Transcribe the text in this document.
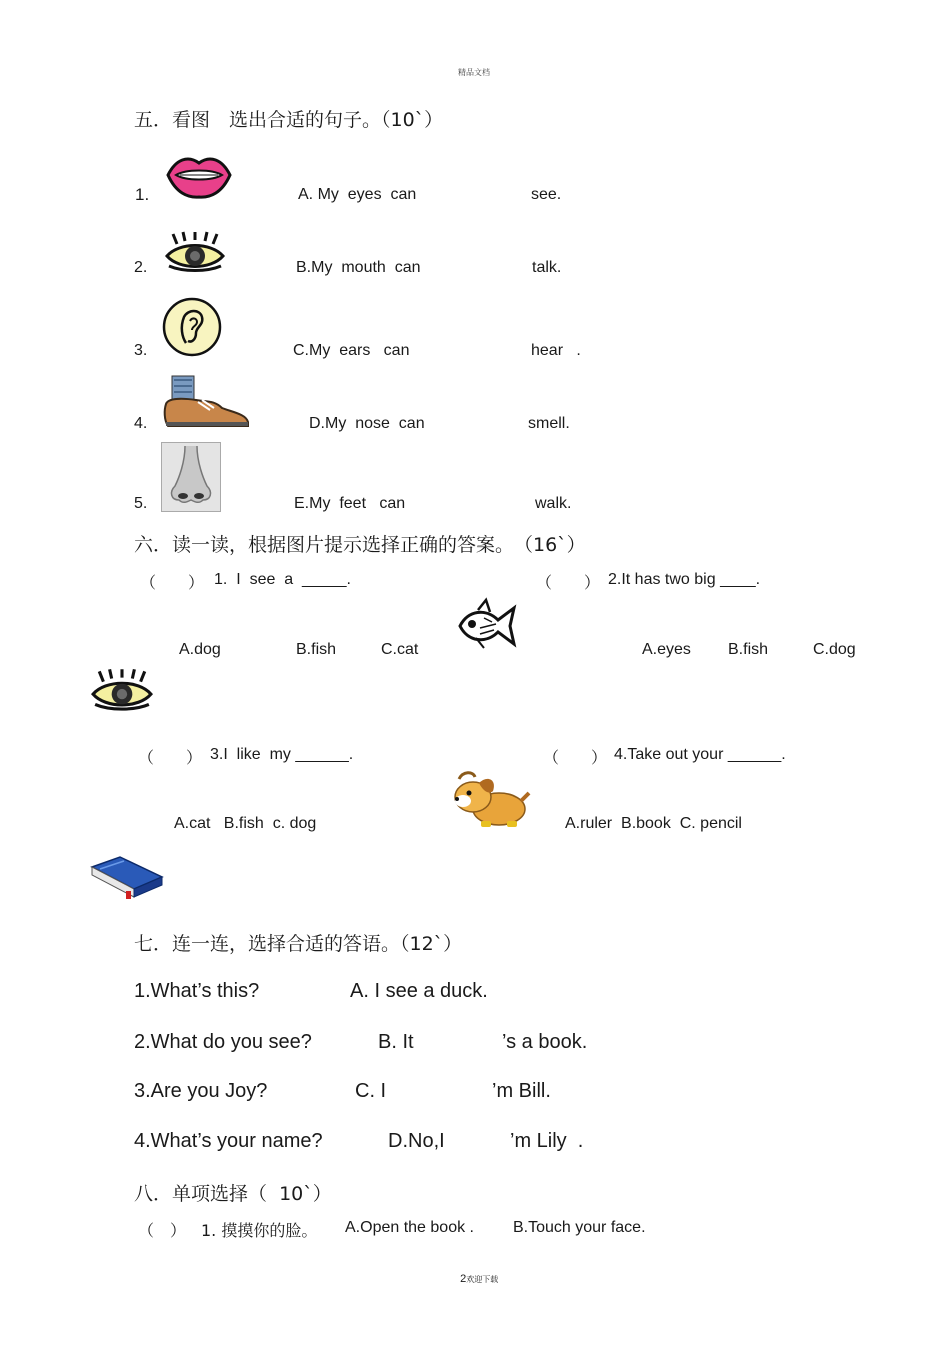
精品文档
五．看图　选出合适的句子。（10`）
1.	A. My  eyes  can	see.
2.	B.My  mouth  can	talk.
3.	C.My  ears   can	hear   .
4.	D.My  nose  can	smell.
5.	E.My  feet   can	walk.
六．读一读，根据图片提示选择正确的答案。　（16`）
（　　） 1.  I  see  a  _____.	（　　） 2.It has two big ____.
A.dog	B.fish	C.cat	A.eyes B.fish	C.dog
（　　） 3.I  like  my ______.	（　　） 4.Take out your ______.
A.cat   B.fish  c. dog	A.ruler  B.book  C. pencil
七．连一连，选择合适的答语。（12`）
1.What’s this?	A. I see a duck.
2.What do you see?	B. It	’s a book.
3.Are you Joy?	C. I	’m Bill.
4.What’s your name?	D.No,I	’m Lily  .
八．单项选择（  10`）
（　） 1. 摸摸你的脸。 A.Open the book . B.Touch your face.

2欢迎下载
